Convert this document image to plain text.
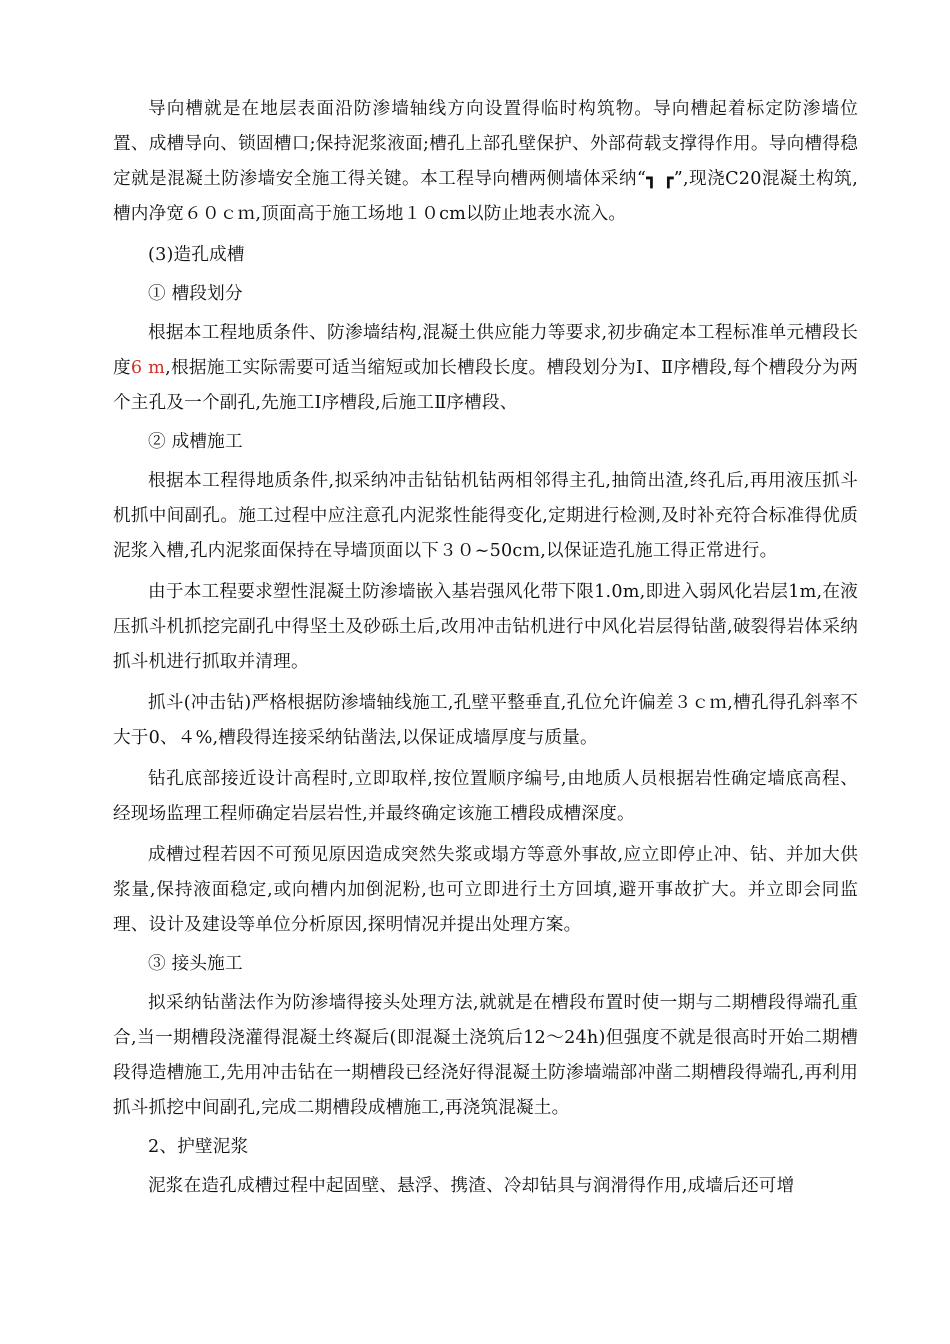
导向槽就是在地层表面沿防渗墙轴线方向设置得临时构筑物。导向槽起着标定防渗墙位置、成槽导向、锁固槽口;保持泥浆液面;槽孔上部孔壁保护、外部荷载支撑得作用。导向槽得稳定就是混凝土防渗墙安全施工得关键。本工程导向槽两侧墙体采纳“┓ ┏”,现浇C20混凝土构筑,槽内净宽６０ｃｍ,顶面高于施工场地１０cm以防止地表水流入。

(3)造孔成槽

① 槽段划分

根据本工程地质条件、防渗墙结构,混凝土供应能力等要求,初步确定本工程标准单元槽段长度6 m,根据施工实际需要可适当缩短或加长槽段长度。槽段划分为Ⅰ、Ⅱ序槽段,每个槽段分为两个主孔及一个副孔,先施工Ⅰ序槽段,后施工Ⅱ序槽段、

② 成槽施工

根据本工程得地质条件,拟采纳冲击钻钻机钻两相邻得主孔,抽筒出渣,终孔后,再用液压抓斗机抓中间副孔。施工过程中应注意孔内泥浆性能得变化,定期进行检测,及时补充符合标准得优质泥浆入槽,孔内泥浆面保持在导墙顶面以下３０~50cｍ,以保证造孔施工得正常进行。

由于本工程要求塑性混凝土防渗墙嵌入基岩强风化带下限1.0m,即进入弱风化岩层1m,在液压抓斗机抓挖完副孔中得坚土及砂砾土后,改用冲击钻机进行中风化岩层得钻凿,破裂得岩体采纳抓斗机进行抓取并清理。

抓斗(冲击钻)严格根据防渗墙轴线施工,孔壁平整垂直,孔位允许偏差３ｃｍ,槽孔得孔斜率不大于0、４%,槽段得连接采纳钻凿法,以保证成墙厚度与质量。

钻孔底部接近设计高程时,立即取样,按位置顺序编号,由地质人员根据岩性确定墙底高程、经现场监理工程师确定岩层岩性,并最终确定该施工槽段成槽深度。

成槽过程若因不可预见原因造成突然失浆或塌方等意外事故,应立即停止冲、钻、并加大供浆量,保持液面稳定,或向槽内加倒泥粉,也可立即进行土方回填,避开事故扩大。并立即会同监理、设计及建设等单位分析原因,探明情况并提出处理方案。

③ 接头施工

拟采纳钻凿法作为防渗墙得接头处理方法,就就是在槽段布置时使一期与二期槽段得端孔重合,当一期槽段浇灌得混凝土终凝后(即混凝土浇筑后12～24h)但强度不就是很高时开始二期槽段得造槽施工,先用冲击钻在一期槽段已经浇好得混凝土防渗墙端部冲凿二期槽段得端孔,再利用抓斗抓挖中间副孔,完成二期槽段成槽施工,再浇筑混凝土。

2、护壁泥浆

泥浆在造孔成槽过程中起固壁、悬浮、携渣、冷却钻具与润滑得作用,成墙后还可增
